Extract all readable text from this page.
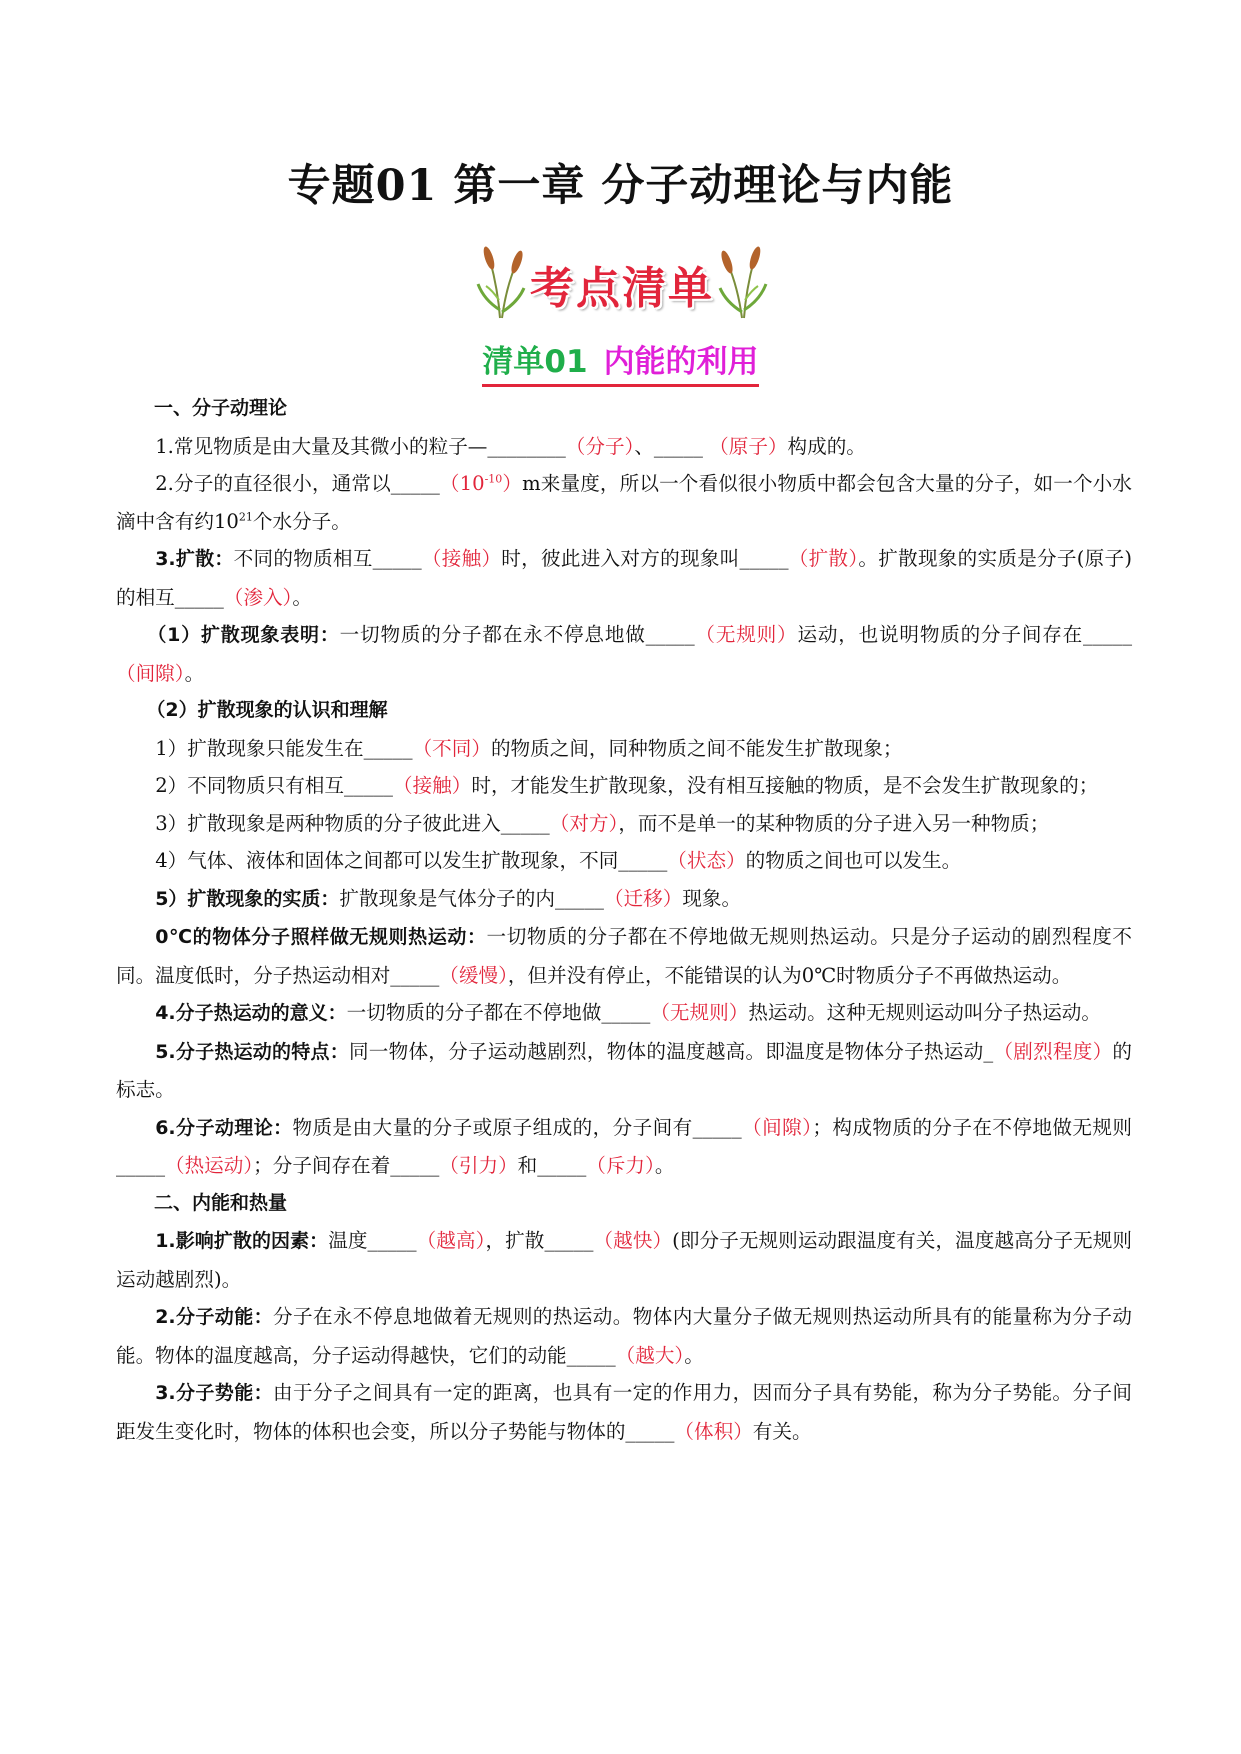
专题01 第一章 分子动理论与内能
考点清单
清单01 内能的利用

一、分子动理论

1.常见物质是由大量及其微小的粒子—________（分子）、_____ （原子）构成的。

2.分子的直径很小，通常以$\_\_\_\_\_(10^{-10})m$来量度，所以一个看似很小物质中都会包含大量的分子，如一个小水滴中含有约$10^{21}$个水分子。

3.扩散：不同的物质相互_____（接触）时，彼此进入对方的现象叫_____（扩散）。扩散现象的实质是分子(原子)的相互_____（渗入）。

（1）扩散现象表明：一切物质的分子都在永不停息地做_____（无规则）运动，也说明物质的分子间存在_____（间隙）。

（2）扩散现象的认识和理解

1）扩散现象只能发生在_____（不同）的物质之间，同种物质之间不能发生扩散现象；

2）不同物质只有相互_____（接触）时，才能发生扩散现象，没有相互接触的物质，是不会发生扩散现象的；

3）扩散现象是两种物质的分子彼此进入_____（对方），而不是单一的某种物质的分子进入另一种物质；

4）气体、液体和固体之间都可以发生扩散现象，不同_____（状态）的物质之间也可以发生。

5）扩散现象的实质：扩散现象是气体分子的内_____（迁移）现象。

0℃的物体分子照样做无规则热运动：一切物质的分子都在不停地做无规则热运动。只是分子运动的剧烈程度不同。温度低时，分子热运动相对_____（缓慢），但并没有停止，不能错误的认为0℃时物质分子不再做热运动。

4.分子热运动的意义：一切物质的分子都在不停地做_____（无规则）热运动。这种无规则运动叫分子热运动。

5.分子热运动的特点：同一物体，分子运动越剧烈，物体的温度越高。即温度是物体分子热运动_（剧烈程度）的标志。

6.分子动理论：物质是由大量的分子或原子组成的，分子间有_____（间隙）；构成物质的分子在不停地做无规则_____（热运动）；分子间存在着_____（引力）和_____（斥力）。

二、内能和热量

1.影响扩散的因素：温度_____（越高），扩散_____（越快）(即分子无规则运动跟温度有关，温度越高分子无规则运动越剧烈)。

2.分子动能：分子在永不停息地做着无规则的热运动。物体内大量分子做无规则热运动所具有的能量称为分子动能。物体的温度越高，分子运动得越快，它们的动能_____（越大）。

3.分子势能：由于分子之间具有一定的距离，也具有一定的作用力，因而分子具有势能，称为分子势能。分子间距发生变化时，物体的体积也会变，所以分子势能与物体的_____（体积）有关。
